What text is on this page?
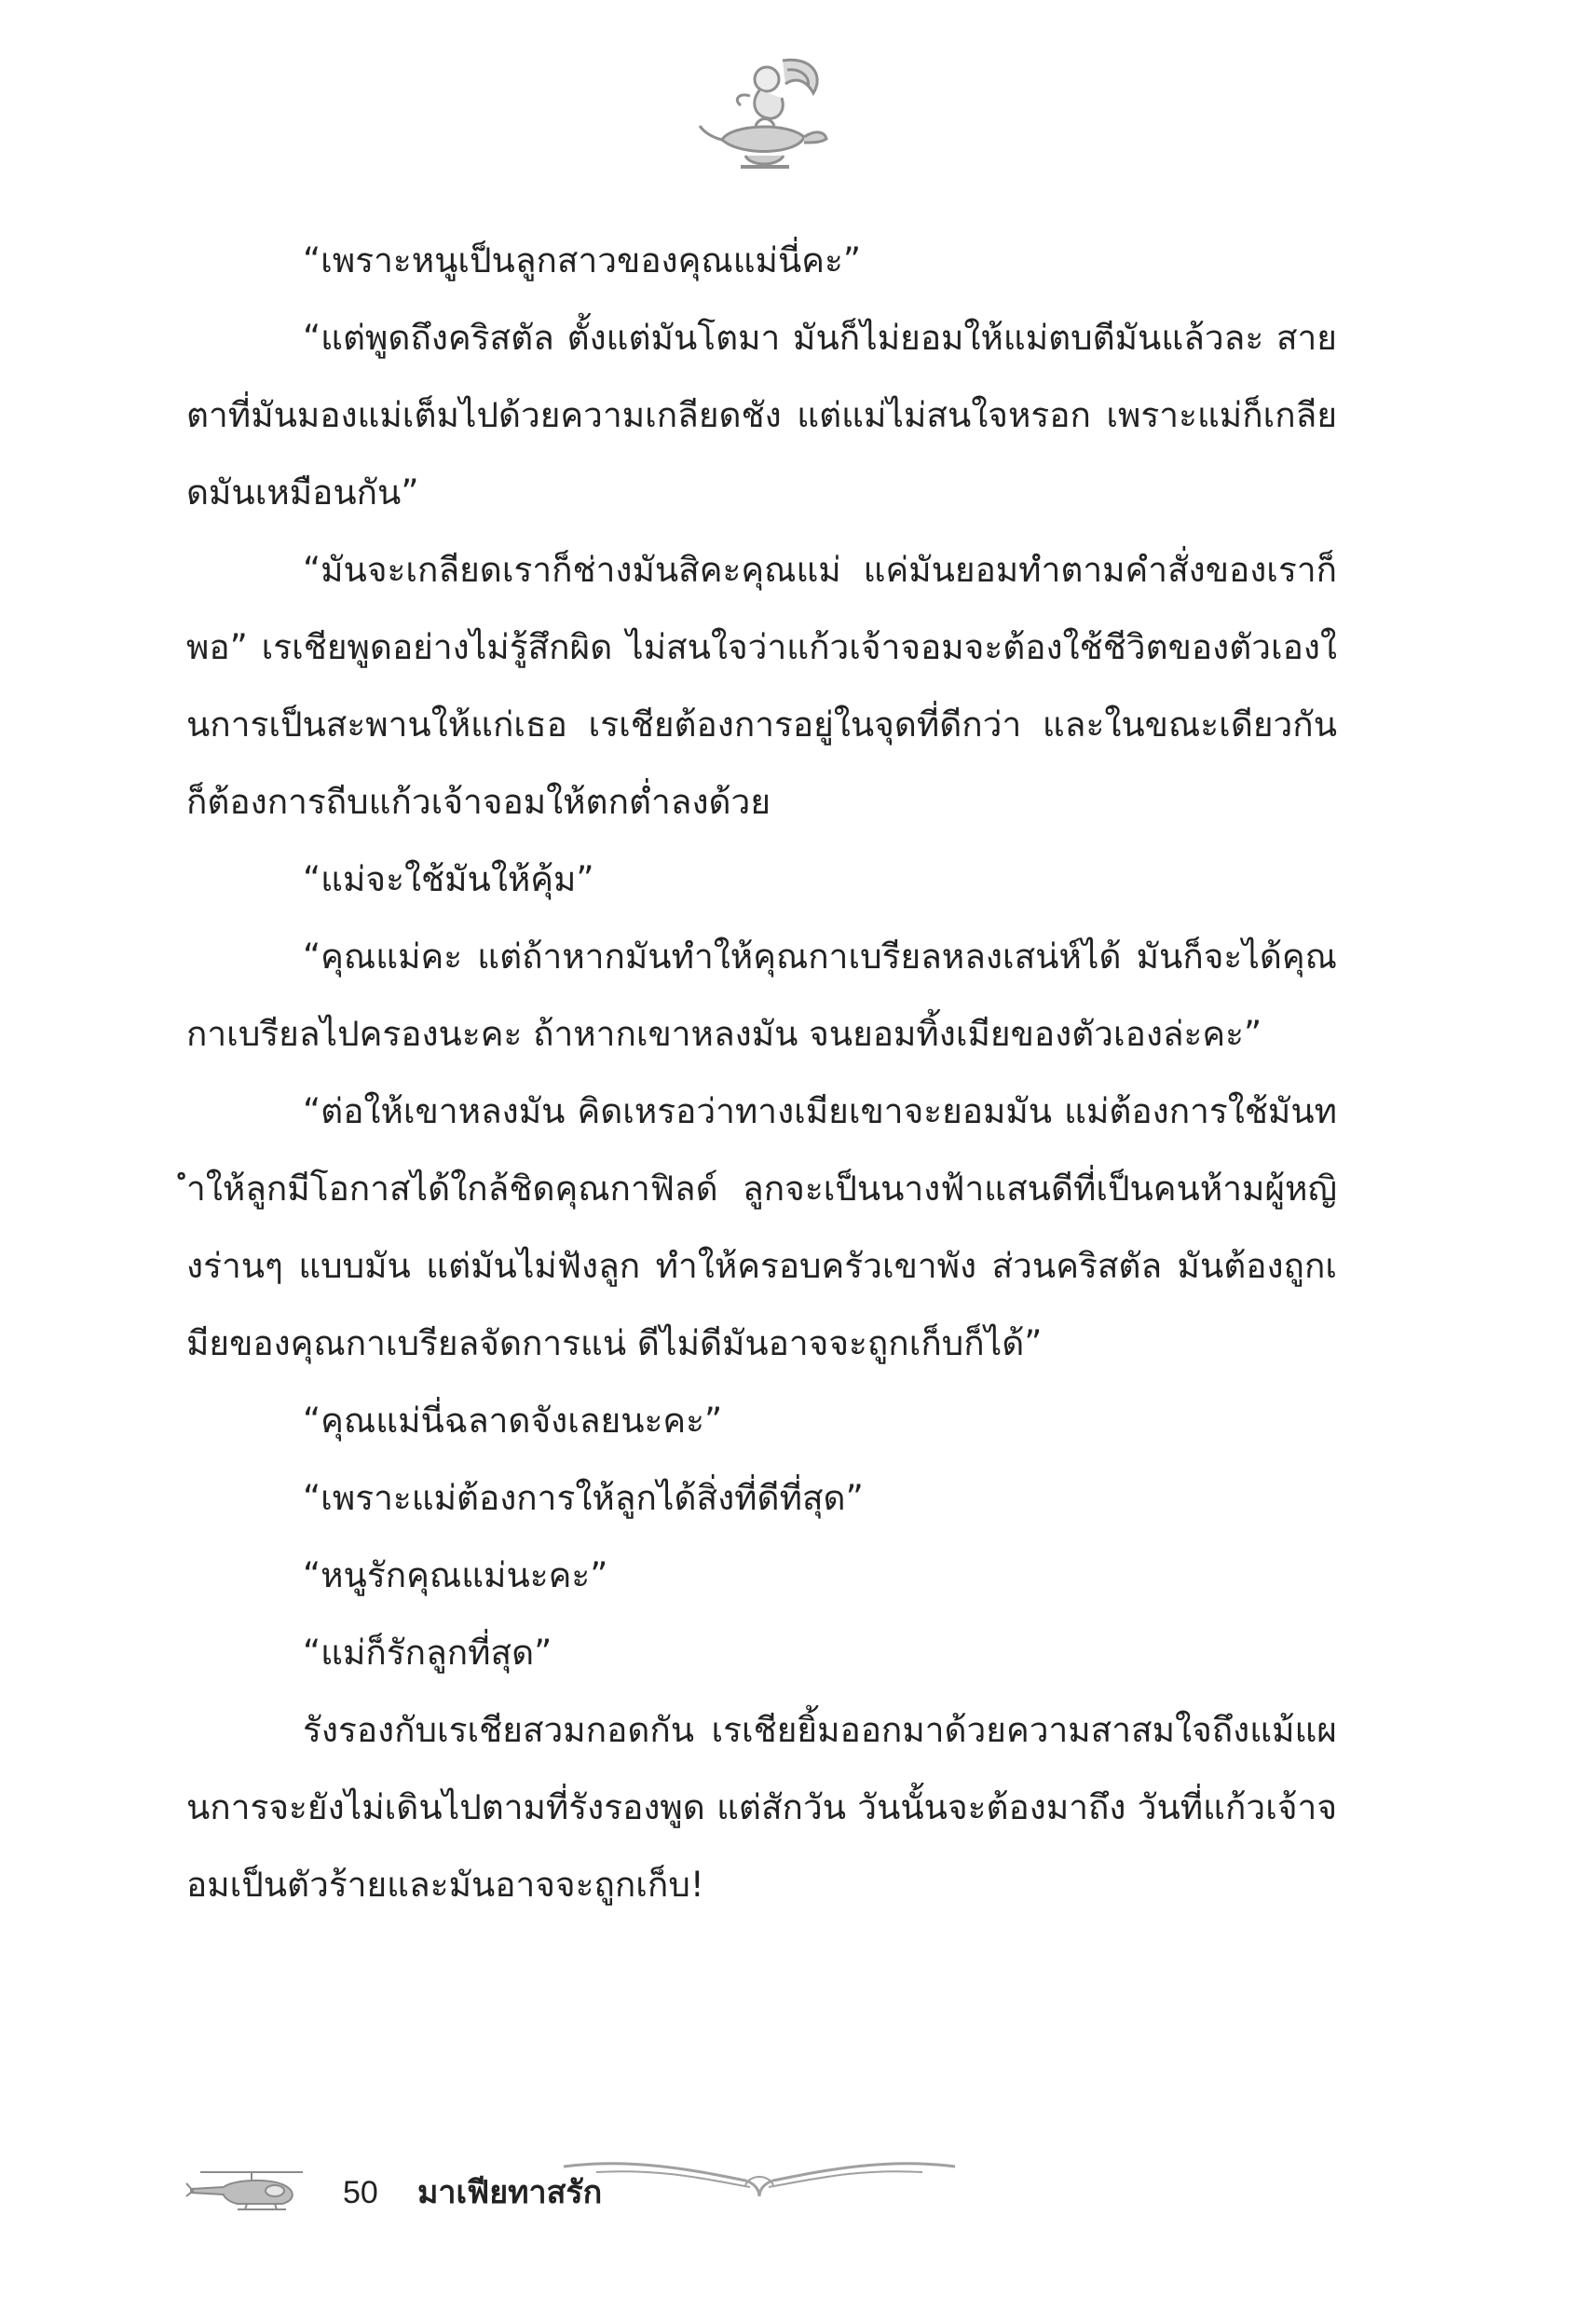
“เพราะหนูเป็นลูกสาวของคุณแม่นี่คะ”

“แต่พูดถึงคริสตัล ตั้งแต่มันโตมา มันก็ไม่ยอมให้แม่ตบตีมันแล้วละ สายตาที่มันมองแม่เต็มไปด้วยความเกลียดชัง แต่แม่ไม่สนใจหรอก เพราะแม่ก็เกลียดมันเหมือนกัน”

“มันจะเกลียดเราก็ช่างมันสิคะคุณแม่ แค่มันยอมทำตามคำสั่งของเราก็พอ” เรเชียพูดอย่างไม่รู้สึกผิด ไม่สนใจว่าแก้วเจ้าจอมจะต้องใช้ชีวิตของตัวเองในการเป็นสะพานให้แก่เธอ เรเชียต้องการอยู่ในจุดที่ดีกว่า และในขณะเดียวกันก็ต้องการถีบแก้วเจ้าจอมให้ตกต่ำลงด้วย

“แม่จะใช้มันให้คุ้ม”

“คุณแม่คะ แต่ถ้าหากมันทำให้คุณกาเบรียลหลงเสน่ห์ได้ มันก็จะได้คุณกาเบรียลไปครองนะคะ ถ้าหากเขาหลงมัน จนยอมทิ้งเมียของตัวเองล่ะคะ”

“ต่อให้เขาหลงมัน คิดเหรอว่าทางเมียเขาจะยอมมัน แม่ต้องการใช้มันทำให้ลูกมีโอกาสได้ใกล้ชิดคุณกาฟิลด์ ลูกจะเป็นนางฟ้าแสนดีที่เป็นคนห้ามผู้หญิงร่านๆ แบบมัน แต่มันไม่ฟังลูก ทำให้ครอบครัวเขาพัง ส่วนคริสตัล มันต้องถูกเมียของคุณกาเบรียลจัดการแน่ ดีไม่ดีมันอาจจะถูกเก็บก็ได้”

“คุณแม่นี่ฉลาดจังเลยนะคะ”

“เพราะแม่ต้องการให้ลูกได้สิ่งที่ดีที่สุด”

“หนูรักคุณแม่นะคะ”

“แม่ก็รักลูกที่สุด”

รังรองกับเรเชียสวมกอดกัน เรเชียยิ้มออกมาด้วยความสาสมใจถึงแม้แผนการจะยังไม่เดินไปตามที่รังรองพูด แต่สักวัน วันนั้นจะต้องมาถึง วันที่แก้วเจ้าจอมเป็นตัวร้ายและมันอาจจะถูกเก็บ!

50 มาเฟียทาสรัก
